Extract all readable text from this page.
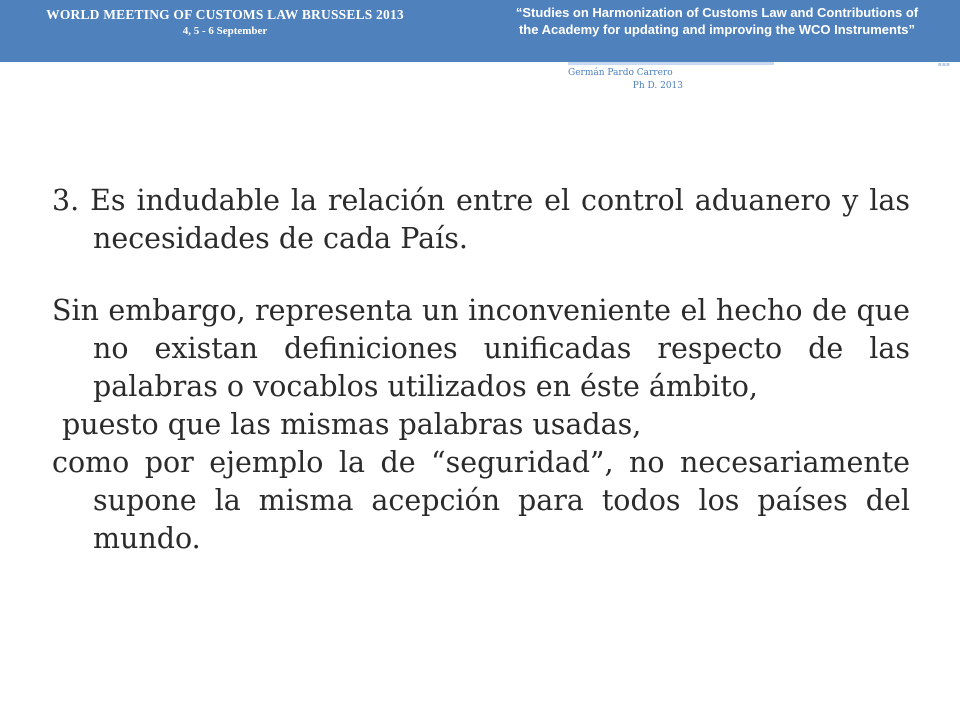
WORLD MEETING OF CUSTOMS LAW BRUSSELS 2013
4, 5 - 6 September
“Studies on Harmonization of Customs Law and Contributions of
the Academy for updating and improving the WCO Instruments”
▪▪▪
Germán Pardo Carrero
Ph D. 2013

3. Es indudable la relación entre el control aduanero y las necesidades de cada País.

Sin embargo, representa un inconveniente el hecho de que no existan definiciones unificadas respecto de las palabras o vocablos utilizados en éste ámbito,

puesto que las mismas palabras usadas,

como por ejemplo la de “seguridad”, no necesariamente supone la misma acepción para todos los países del mundo.
